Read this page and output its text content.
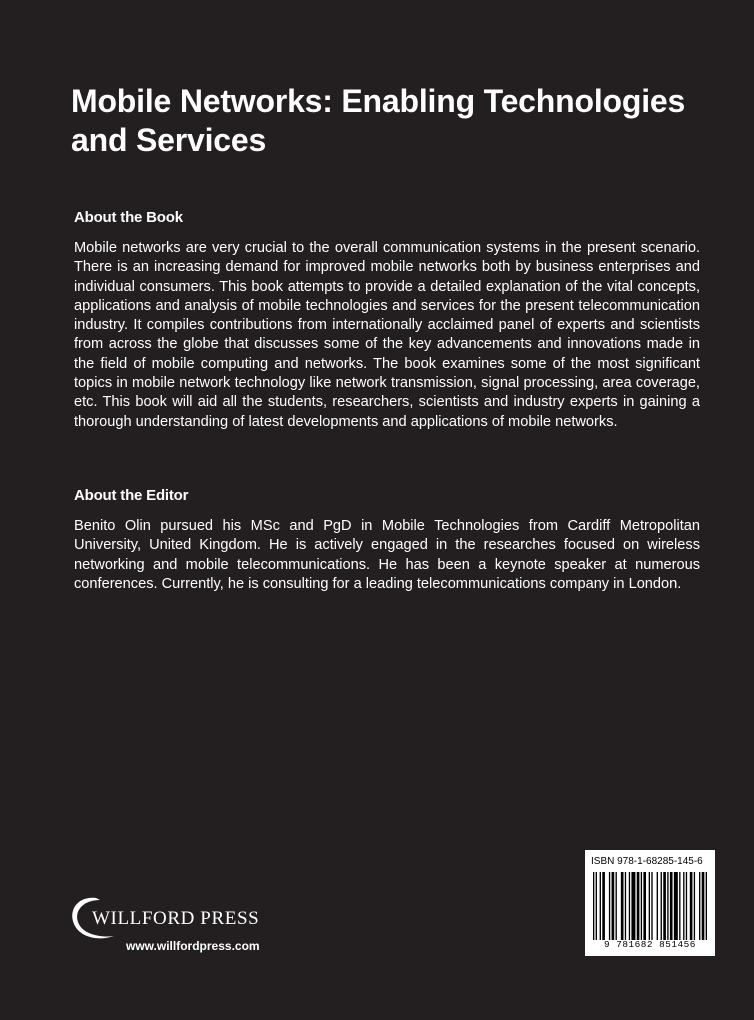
Mobile Networks: Enabling Technologies and Services
About the Book

Mobile networks are very crucial to the overall communication systems in the present scenario. There is an increasing demand for improved mobile networks both by business enterprises and individual consumers. This book attempts to provide a detailed explanation of the vital concepts, applications and analysis of mobile technologies and services for the present telecommunication industry. It compiles contributions from internationally acclaimed panel of experts and scientists from across the globe that discusses some of the key advancements and innovations made in the field of mobile computing and networks. The book examines some of the most significant topics in mobile network technology like network transmission, signal processing, area coverage, etc. This book will aid all the students, researchers, scientists and industry experts in gaining a thorough understanding of latest developments and applications of mobile networks.

About the Editor

Benito Olin pursued his MSc and PgD in Mobile Technologies from Cardiff Metropolitan University, United Kingdom. He is actively engaged in the researches focused on wireless networking and mobile telecommunications. He has been a keynote speaker at numerous conferences. Currently, he is consulting for a leading telecommunications company in London.

WILLFORD PRESS
www.willfordpress.com
ISBN 978-1-68285-145-6
9 781682 851456
